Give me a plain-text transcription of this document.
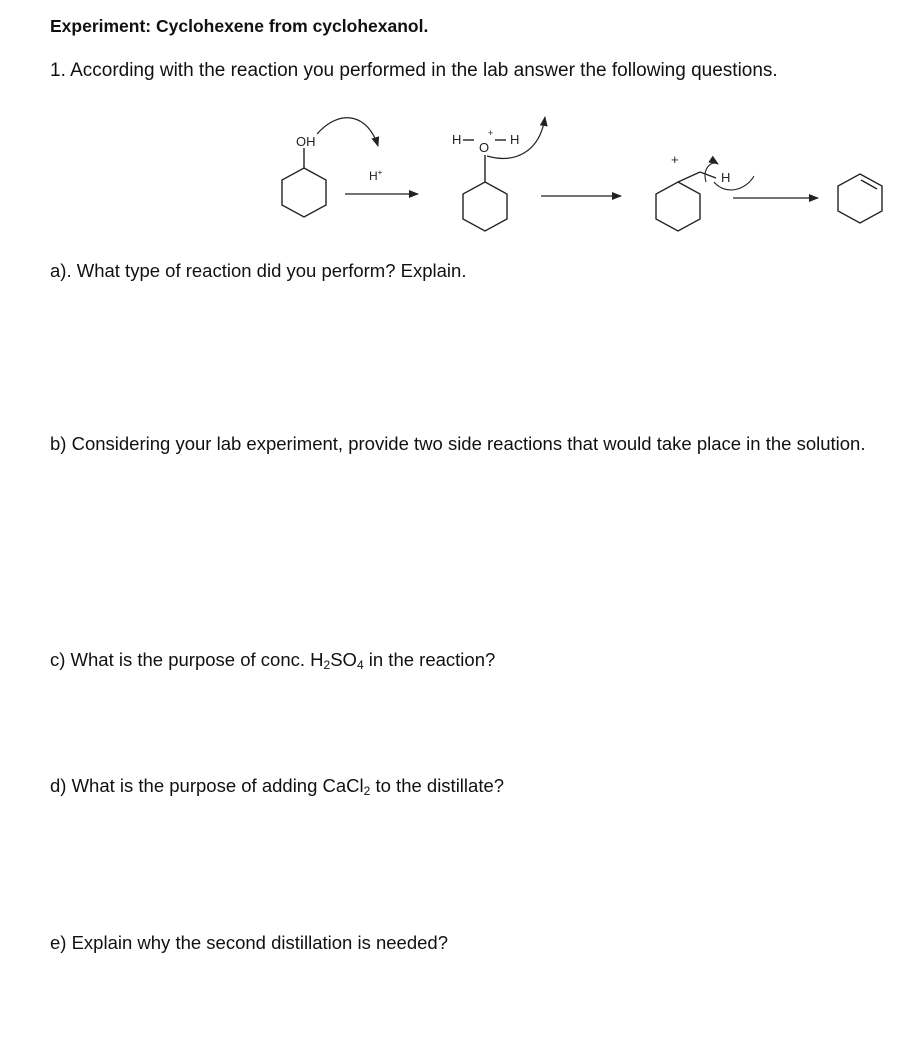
Experiment: Cyclohexene from cyclohexanol.
1. According with the reaction you performed in the lab answer the following questions.
OH
H+
H
O
+ H
+
H
a). What type of reaction did you perform? Explain.
b) Considering your lab experiment, provide two side reactions that would take place in the solution.
c) What is the purpose of conc. $H_2SO_4$ in the reaction?
d) What is the purpose of adding CaCl$_2$ to the distillate?
e) Explain why the second distillation is needed?
